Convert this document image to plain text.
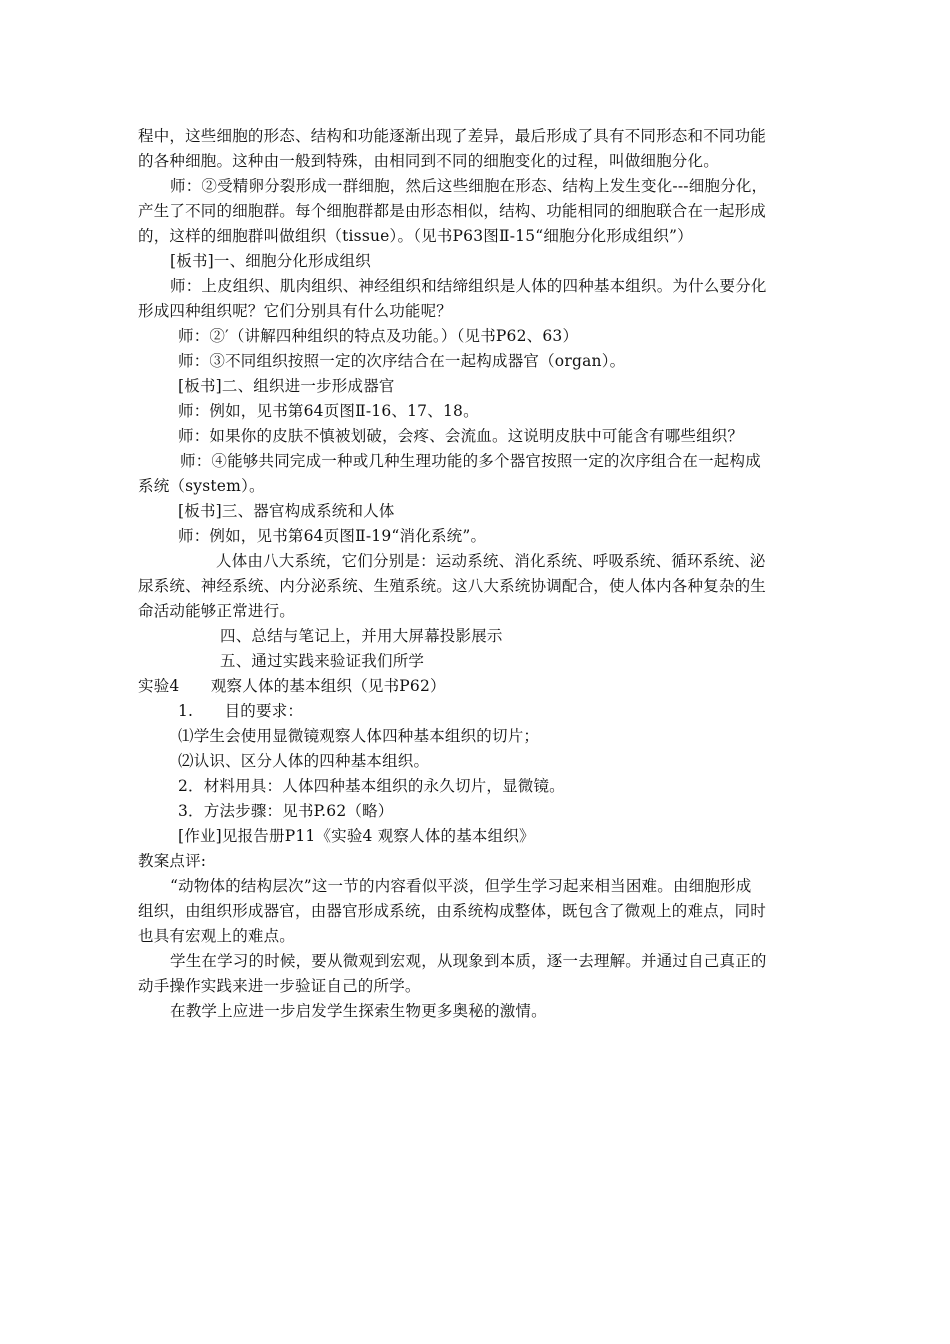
程中，这些细胞的形态、结构和功能逐渐出现了差异，最后形成了具有不同形态和不同功能
的各种细胞。这种由一般到特殊，由相同到不同的细胞变化的过程，叫做细胞分化。
师：②受精卵分裂形成一群细胞，然后这些细胞在形态、结构上发生变化---细胞分化，
产生了不同的细胞群。每个细胞群都是由形态相似，结构、功能相同的细胞联合在一起形成
的，这样的细胞群叫做组织（tissue）。（见书P63图Ⅱ-15“细胞分化形成组织”）
[板书]一、细胞分化形成组织
师：上皮组织、肌肉组织、神经组织和结缔组织是人体的四种基本组织。为什么要分化
形成四种组织呢？它们分别具有什么功能呢？
师：②′（讲解四种组织的特点及功能。）（见书P62、63）
师：③不同组织按照一定的次序结合在一起构成器官（organ）。
[板书]二、组织进一步形成器官
师：例如，见书第64页图Ⅱ-16、17、18。
师：如果你的皮肤不慎被划破，会疼、会流血。这说明皮肤中可能含有哪些组织？
师：④能够共同完成一种或几种生理功能的多个器官按照一定的次序组合在一起构成
系统（system）。
[板书]三、器官构成系统和人体
师：例如，见书第64页图Ⅱ-19“消化系统”。
人体由八大系统，它们分别是：运动系统、消化系统、呼吸系统、循环系统、泌
尿系统、神经系统、内分泌系统、生殖系统。这八大系统协调配合，使人体内各种复杂的生
命活动能够正常进行。
四、总结与笔记上，并用大屏幕投影展示
五、通过实践来验证我们所学
实验4　　观察人体的基本组织（见书P62）
1.　　目的要求：
⑴学生会使用显微镜观察人体四种基本组织的切片；
⑵认识、区分人体的四种基本组织。
2．材料用具：人体四种基本组织的永久切片，显微镜。
3．方法步骤：见书P.62（略）
[作业]见报告册P11《实验4 观察人体的基本组织》
教案点评:
“动物体的结构层次”这一节的内容看似平淡，但学生学习起来相当困难。由细胞形成
组织，由组织形成器官，由器官形成系统，由系统构成整体，既包含了微观上的难点，同时
也具有宏观上的难点。
学生在学习的时候，要从微观到宏观，从现象到本质，逐一去理解。并通过自己真正的
动手操作实践来进一步验证自己的所学。
在教学上应进一步启发学生探索生物更多奥秘的激情。
